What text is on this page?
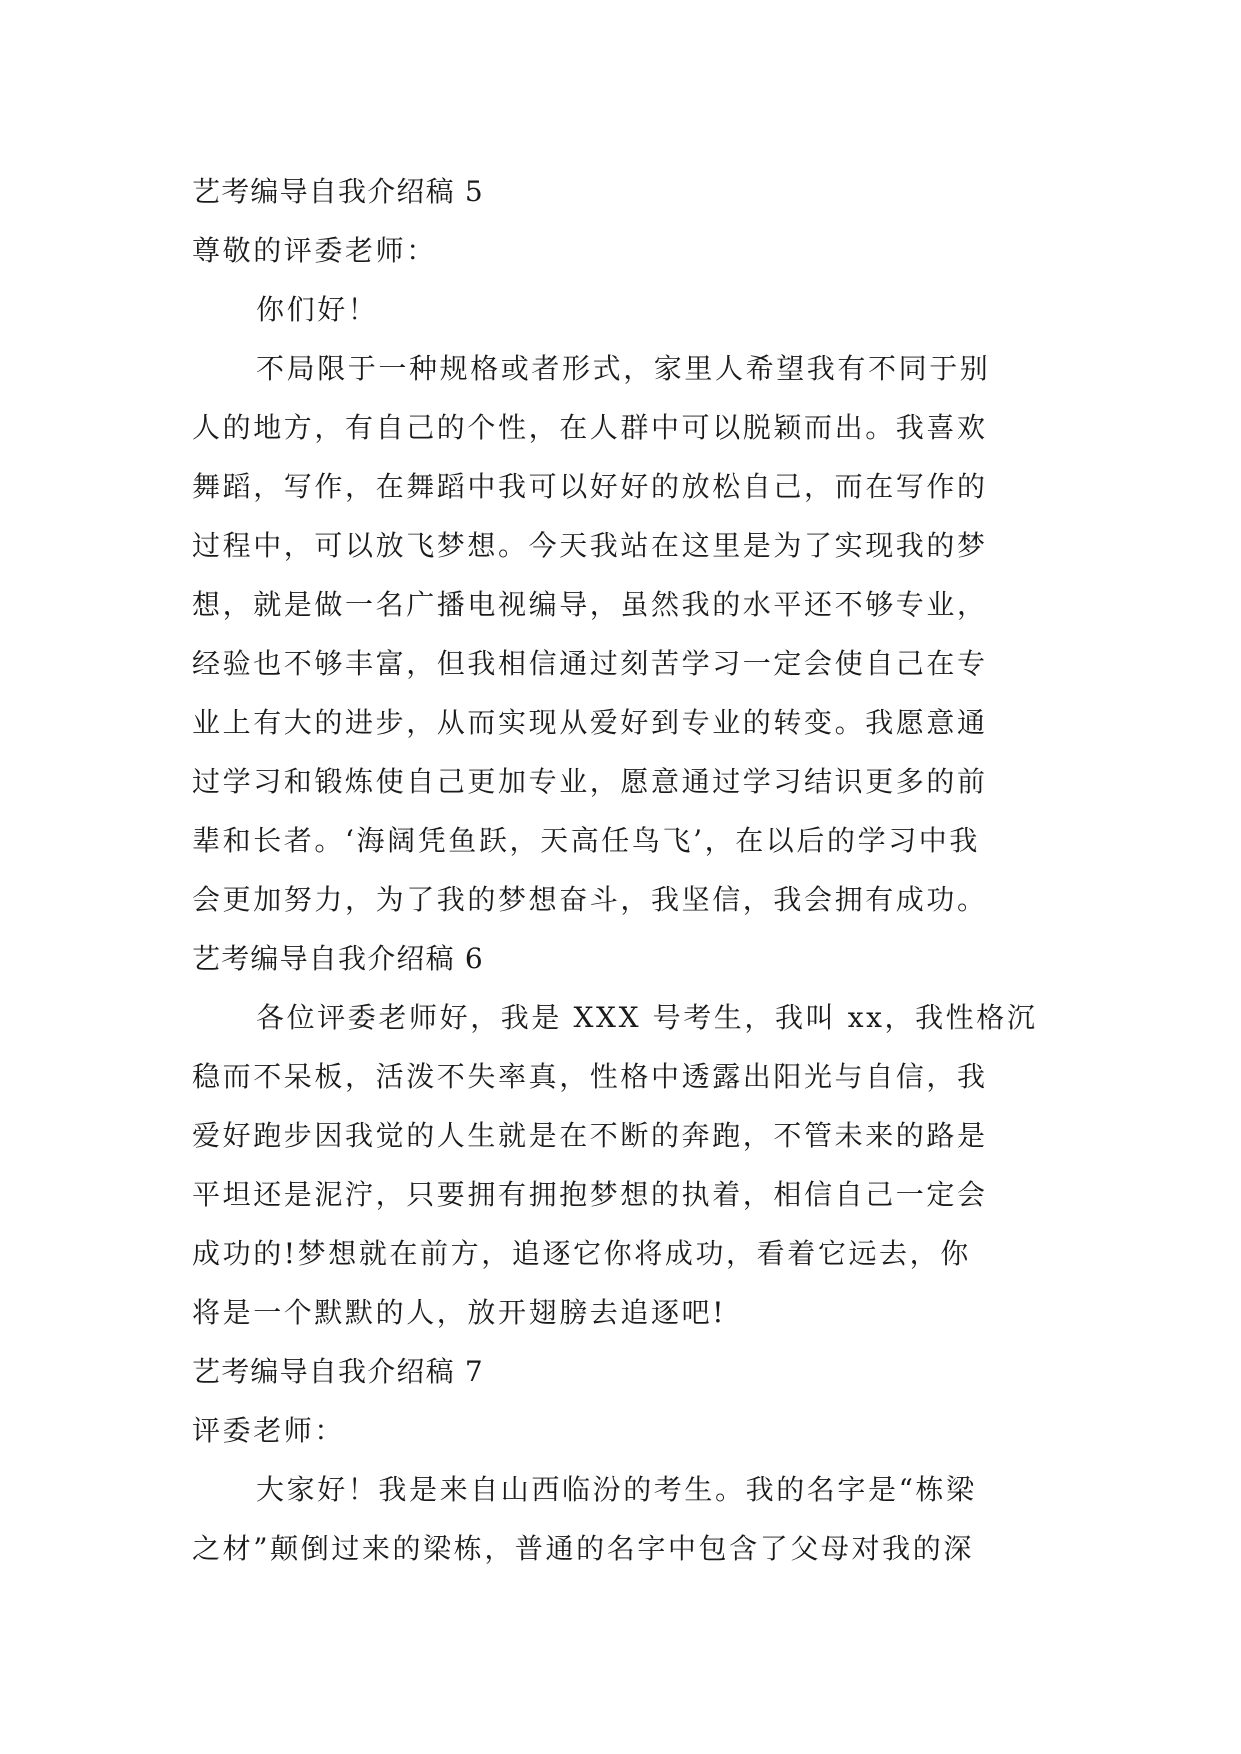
艺考编导自我介绍稿 5
尊敬的评委老师：
你们好！
不局限于一种规格或者形式，家里人希望我有不同于别
人的地方，有自己的个性，在人群中可以脱颖而出。我喜欢
舞蹈，写作，在舞蹈中我可以好好的放松自己，而在写作的
过程中，可以放飞梦想。今天我站在这里是为了实现我的梦
想，就是做一名广播电视编导，虽然我的水平还不够专业，
经验也不够丰富，但我相信通过刻苦学习一定会使自己在专
业上有大的进步，从而实现从爱好到专业的转变。我愿意通
过学习和锻炼使自己更加专业，愿意通过学习结识更多的前
辈和长者。‘海阔凭鱼跃，天高任鸟飞’，在以后的学习中我
会更加努力，为了我的梦想奋斗，我坚信，我会拥有成功。
艺考编导自我介绍稿 6
各位评委老师好，我是 XXX 号考生，我叫 xx，我性格沉
稳而不呆板，活泼不失率真，性格中透露出阳光与自信，我
爱好跑步因我觉的人生就是在不断的奔跑，不管未来的路是
平坦还是泥泞，只要拥有拥抱梦想的执着，相信自己一定会
成功的!梦想就在前方，追逐它你将成功，看着它远去，你
将是一个默默的人，放开翅膀去追逐吧!
艺考编导自我介绍稿 7
评委老师：
大家好！我是来自山西临汾的考生。我的名字是“栋梁
之材”颠倒过来的梁栋，普通的名字中包含了父母对我的深
